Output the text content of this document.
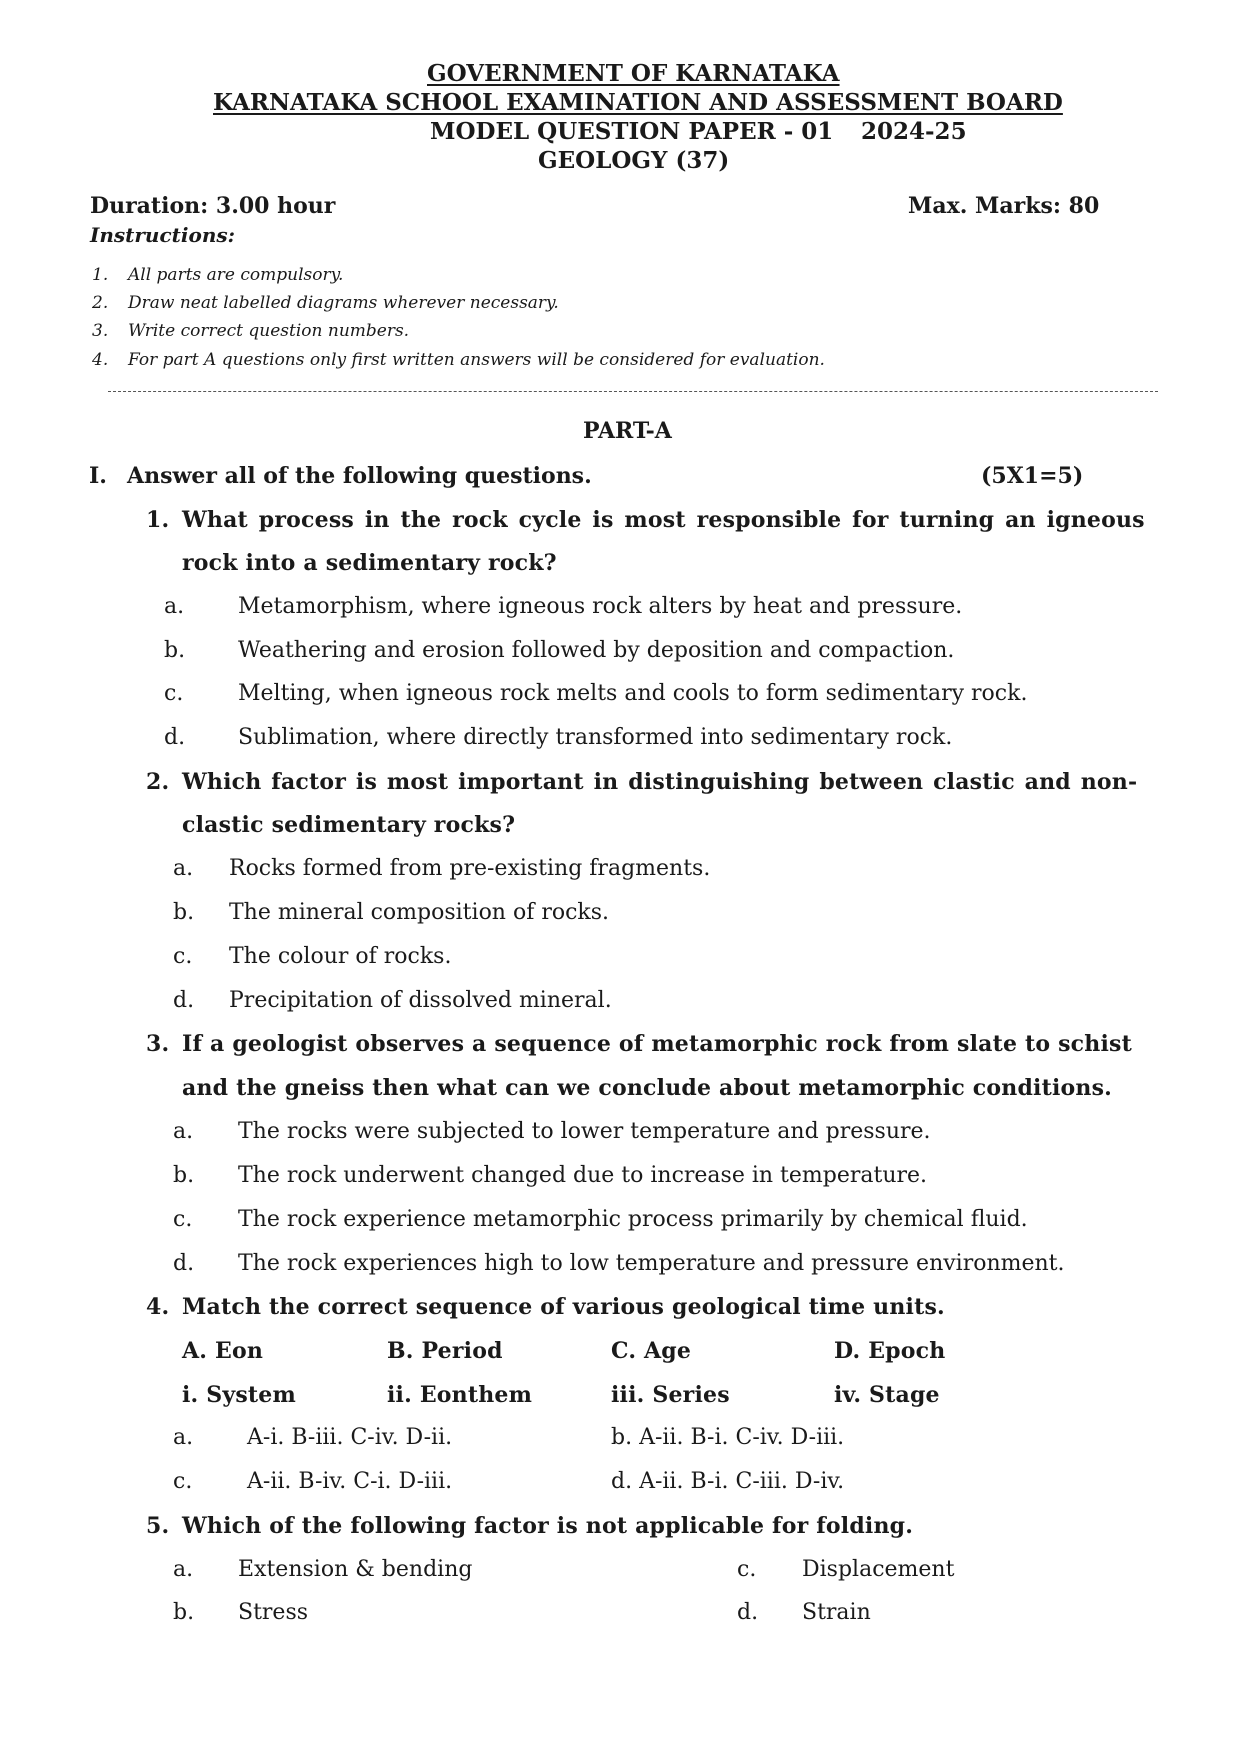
GOVERNMENT OF KARNATAKA
KARNATAKA SCHOOL EXAMINATION AND ASSESSMENT BOARD
MODEL QUESTION PAPER - 01 2024-25
GEOLOGY (37)
Duration: 3.00 hour	Max. Marks: 80
Instructions:
1. All parts are compulsory.
2. Draw neat labelled diagrams wherever necessary.
3. Write correct question numbers.
4. For part A questions only first written answers will be considered for evaluation.
PART-A
I. Answer all of the following questions.	(5X1=5)
1. What process in the rock cycle is most responsible for turning an igneous
rock into a sedimentary rock?
a. Metamorphism, where igneous rock alters by heat and pressure.
b. Weathering and erosion followed by deposition and compaction.
c. Melting, when igneous rock melts and cools to form sedimentary rock.
d. Sublimation, where directly transformed into sedimentary rock.
2. Which factor is most important in distinguishing between clastic and non-
clastic sedimentary rocks?
a. Rocks formed from pre-existing fragments.
b. The mineral composition of rocks.
c. The colour of rocks.
d. Precipitation of dissolved mineral.
3. If a geologist observes a sequence of metamorphic rock from slate to schist
and the gneiss then what can we conclude about metamorphic conditions.
a. The rocks were subjected to lower temperature and pressure.
b. The rock underwent changed due to increase in temperature.
c. The rock experience metamorphic process primarily by chemical fluid.
d. The rock experiences high to low temperature and pressure environment.
4. Match the correct sequence of various geological time units.
A. Eon	B. Period	C. Age	D. Epoch
i. System	ii. Eonthem	iii. Series	iv. Stage
a. A-i. B-iii. C-iv. D-ii.	b. A-ii. B-i. C-iv. D-iii.
c. A-ii. B-iv. C-i. D-iii.	d. A-ii. B-i. C-iii. D-iv.
5. Which of the following factor is not applicable for folding.
a. Extension & bending	c. Displacement
b. Stress	d. Strain
